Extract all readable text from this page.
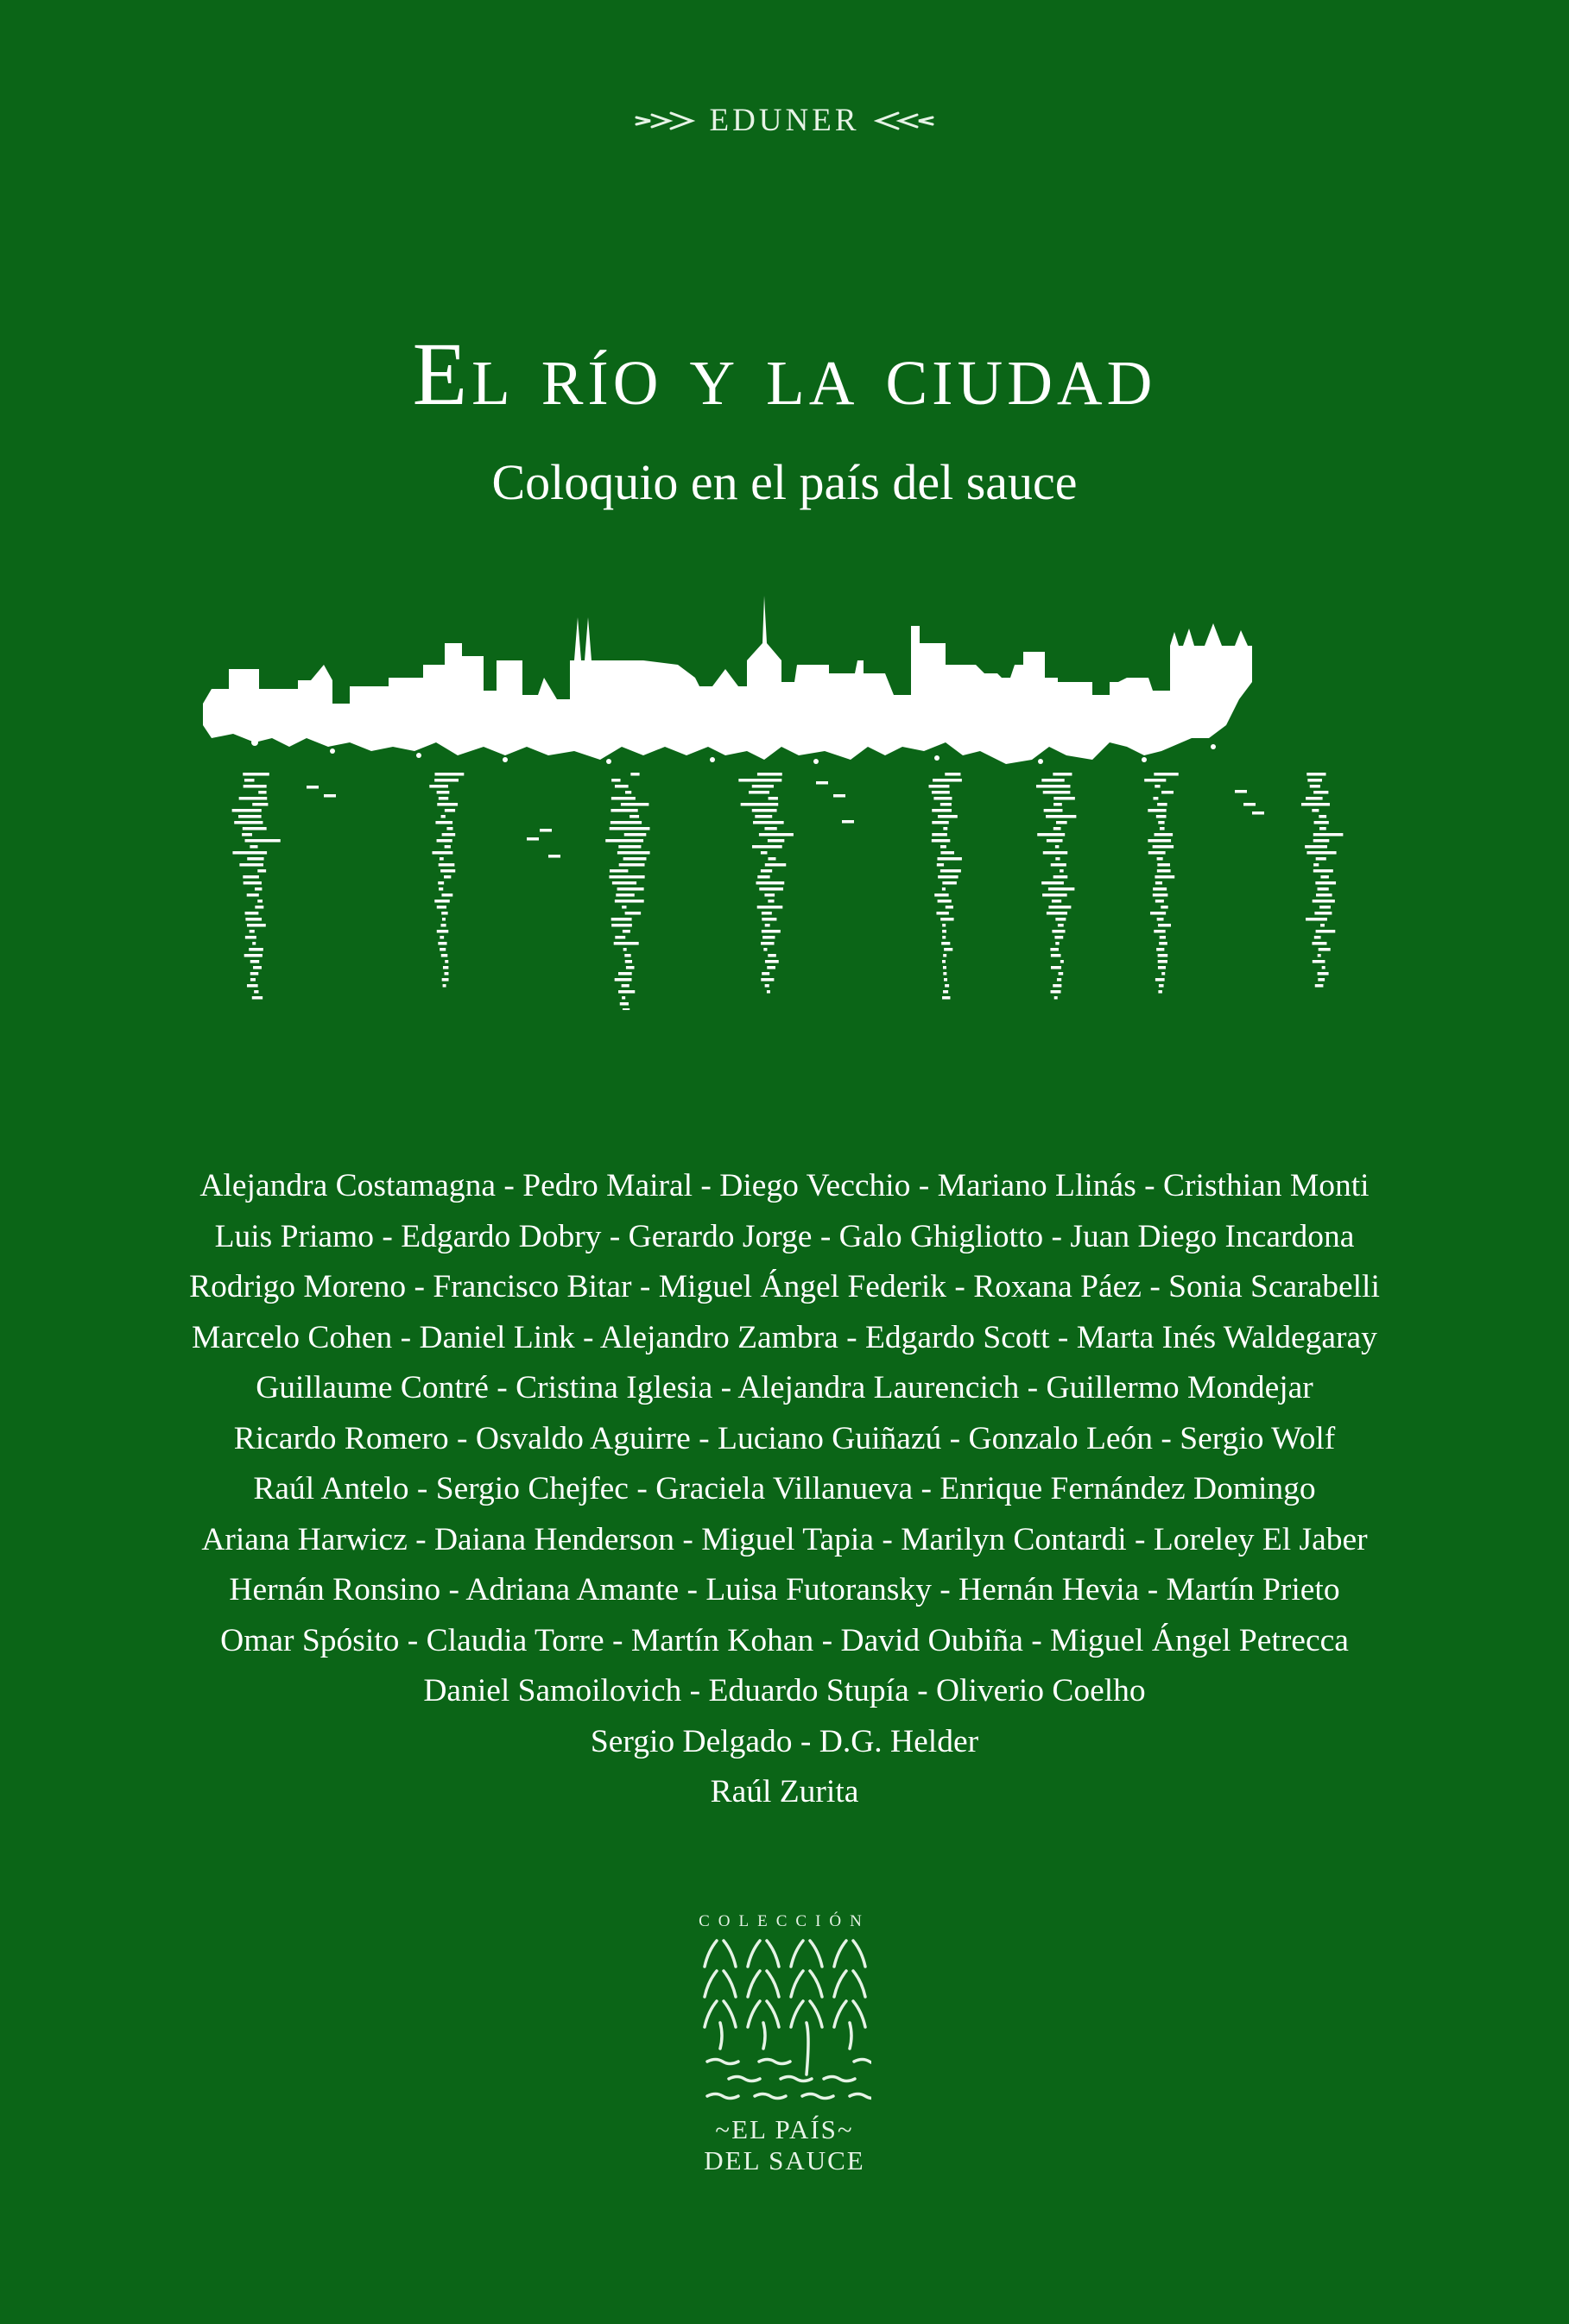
EDUNER
El río y la ciudad
Coloquio en el país del sauce
Alejandra Costamagna - Pedro Mairal - Diego Vecchio - Mariano Llinás - Cristhian Monti
Luis Priamo - Edgardo Dobry - Gerardo Jorge - Galo Ghigliotto - Juan Diego Incardona
Rodrigo Moreno - Francisco Bitar - Miguel Ángel Federik - Roxana Páez - Sonia Scarabelli
Marcelo Cohen - Daniel Link - Alejandro Zambra - Edgardo Scott - Marta Inés Waldegaray
Guillaume Contré - Cristina Iglesia - Alejandra Laurencich - Guillermo Mondejar
Ricardo Romero - Osvaldo Aguirre - Luciano Guiñazú - Gonzalo León - Sergio Wolf
Raúl Antelo - Sergio Chejfec - Graciela Villanueva - Enrique Fernández Domingo
Ariana Harwicz - Daiana Henderson - Miguel Tapia - Marilyn Contardi - Loreley El Jaber
Hernán Ronsino - Adriana Amante - Luisa Futoransky - Hernán Hevia - Martín Prieto
Omar Spósito - Claudia Torre - Martín Kohan - David Oubiña - Miguel Ángel Petrecca
Daniel Samoilovich - Eduardo Stupía - Oliverio Coelho
Sergio Delgado - D.G. Helder
Raúl Zurita
COLECCIÓN
~EL PAÍS~
DEL SAUCE
